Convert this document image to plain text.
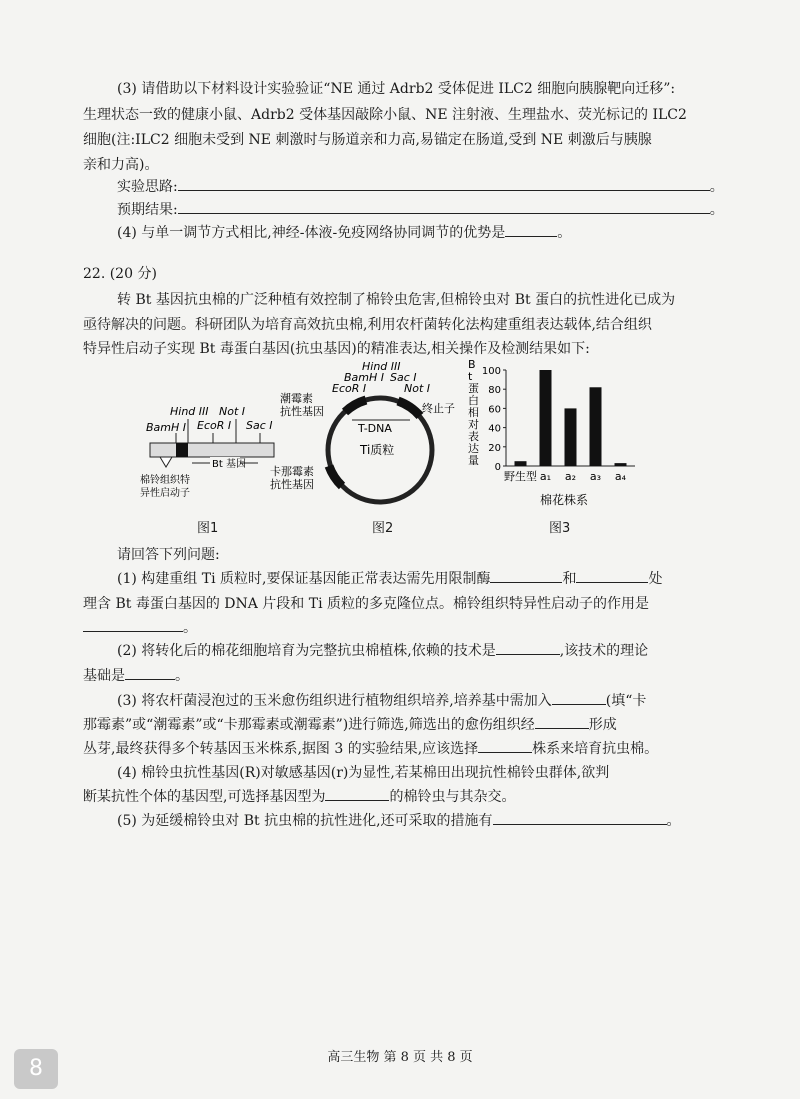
(3) 请借助以下材料设计实验验证“NE 通过 Adrb2 受体促进 ILC2 细胞向胰腺靶向迁移”:
生理状态一致的健康小鼠、Adrb2 受体基因敲除小鼠、NE 注射液、生理盐水、荧光标记的 ILC2
细胞(注:ILC2 细胞未受到 NE 刺激时与肠道亲和力高,易锚定在肠道,受到 NE 刺激后与胰腺
亲和力高)。
实验思路:	。
预期结果:	。
(4) 与单一调节方式相比,神经-体液-免疫网络协同调节的优势是	。
22. (20 分)
转 Bt 基因抗虫棉的广泛种植有效控制了棉铃虫危害,但棉铃虫对 Bt 蛋白的抗性进化已成为
亟待解决的问题。科研团队为培育高效抗虫棉,利用农杆菌转化法构建重组表达载体,结合组织
特异性启动子实现 Bt 毒蛋白基因(抗虫基因)的精准表达,相关操作及检测结果如下:
Hind III Not I
BamH I EcoR I Sac I
Bt 基因
棉铃组织特
异性启动子
图1
Hind III
BamH I Sac I
EcoR I	Not I
T-DNA
Ti质粒
潮霉素
抗性基因	终止子
卡那霉素
抗性基因
图2
B t 蛋白相对表达量
0
20
40
60
80
100
野生型 a₁ a₂ a₃ a₄
棉花株系
图3
请回答下列问题:
(1) 构建重组 Ti 质粒时,要保证基因能正常表达需先用限制酶	和	处
理含 Bt 毒蛋白基因的 DNA 片段和 Ti 质粒的多克隆位点。棉铃组织特异性启动子的作用是
。
(2) 将转化后的棉花细胞培育为完整抗虫棉植株,依赖的技术是	,该技术的理论
基础是	。
(3) 将农杆菌浸泡过的玉米愈伤组织进行植物组织培养,培养基中需加入	(填“卡
那霉素”或“潮霉素”或“卡那霉素或潮霉素”)进行筛选,筛选出的愈伤组织经	形成
丛芽,最终获得多个转基因玉米株系,据图 3 的实验结果,应该选择	株系来培育抗虫棉。
(4) 棉铃虫抗性基因(R)对敏感基因(r)为显性,若某棉田出现抗性棉铃虫群体,欲判
断某抗性个体的基因型,可选择基因型为	的棉铃虫与其杂交。
(5) 为延缓棉铃虫对 Bt 抗虫棉的抗性进化,还可采取的措施有	。
高三生物 第 8 页 共 8 页
8
